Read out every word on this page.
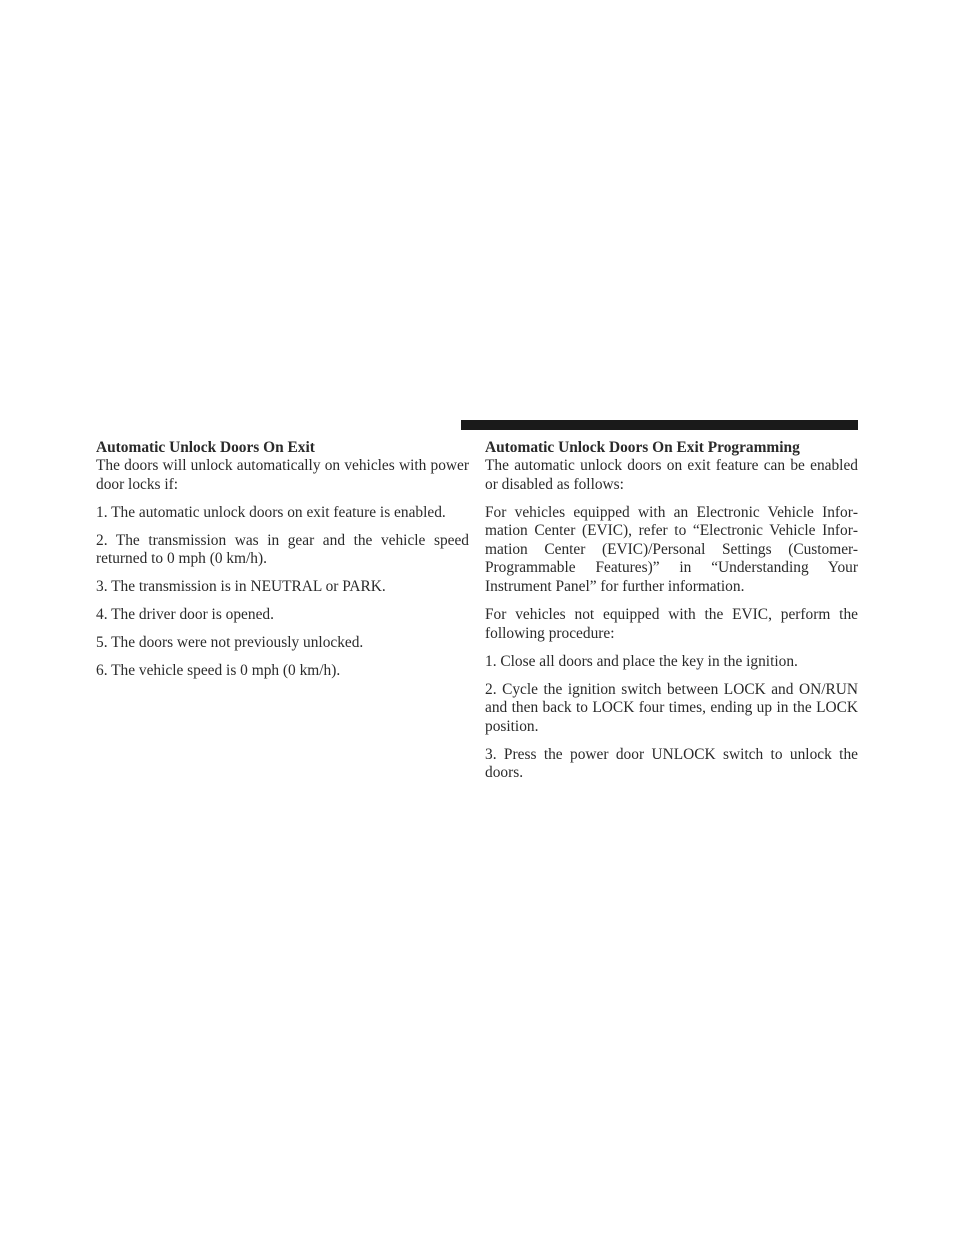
Automatic Unlock Doors On Exit

The doors will unlock automatically on vehicles with power door locks if:

1. The automatic unlock doors on exit feature is enabled.

2. The transmission was in gear and the vehicle speed returned to 0 mph (0 km/h).

3. The transmission is in NEUTRAL or PARK.

4. The driver door is opened.

5. The doors were not previously unlocked.

6. The vehicle speed is 0 mph (0 km/h).

Automatic Unlock Doors On Exit Programming

The automatic unlock doors on exit feature can be enabled or disabled as follows:

For vehicles equipped with an Electronic Vehicle Information Center (EVIC), refer to “Electronic Vehicle Information Center (EVIC)/Personal Settings (Customer-Programmable Features)” in “Understanding Your Instrument Panel” for further information.

For vehicles not equipped with the EVIC, perform the following procedure:

1. Close all doors and place the key in the ignition.

2. Cycle the ignition switch between LOCK and ON/RUN and then back to LOCK four times, ending up in the LOCK position.

3. Press the power door UNLOCK switch to unlock the doors.
